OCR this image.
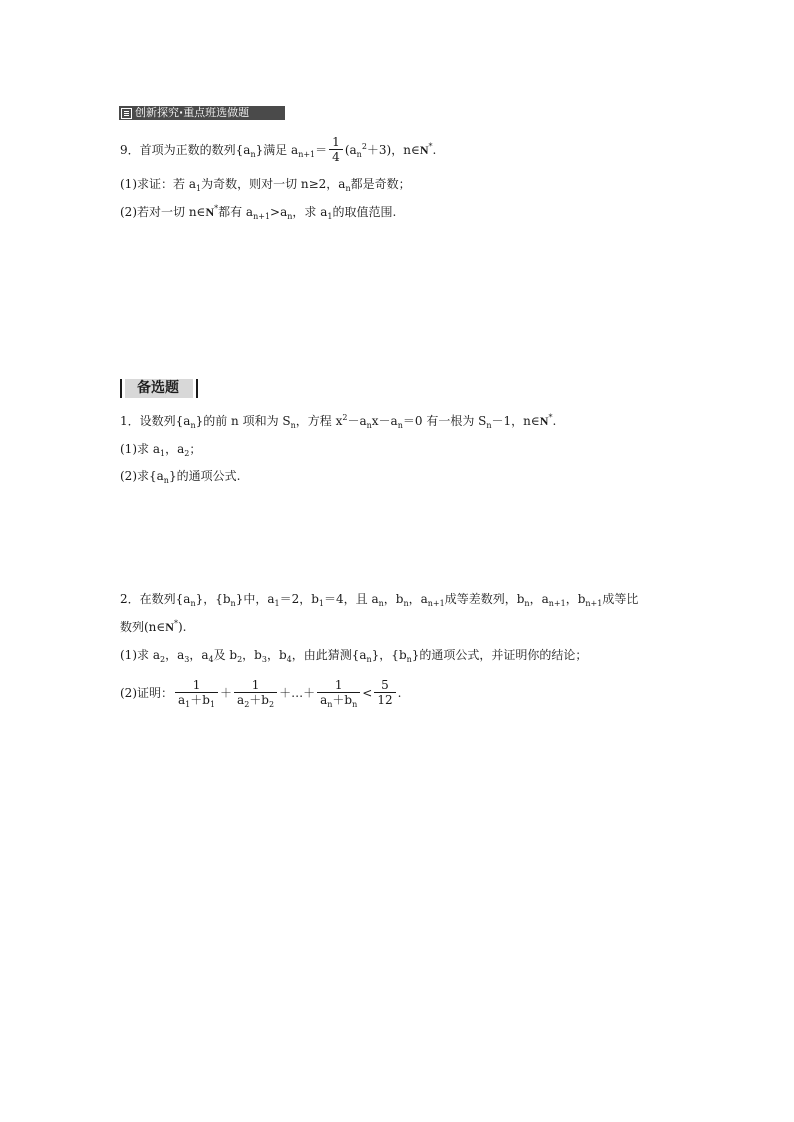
创新探究 · 重点班选做题
9．首项为正数的数列$\{a_n\}$满足 $a_{n+1}= \frac{1}{4} (a_n^2+3)$，n∈N*.
(1)求证：若 $a_1$为奇数，则对一切 n≥2，$a_n$都是奇数；
(2)若对一切 n∈N*都有 $a_{n+1}>a_n$，求 $a_1$的取值范围.
备选题
1．设数列$\{a_n\}$的前 n 项和为 $S_n$，方程 $x^2-a_nx-a_n=0$ 有一根为 $S_n-1$，n∈N*.
(1)求 $a_1$，$a_2$；
(2)求$\{a_n\}$的通项公式.
2．在数列$\{a_n\}$，$\{b_n\}$中，$a_1=2$，$b_1=4$，且 $a_n$，$b_n$，$a_{n+1}$成等差数列，$b_n$，$a_{n+1}$，$b_{n+1}$成等比
数列(n∈N*).
(1)求 $a_2$，$a_3$，$a_4$及 $b_2$，$b_3$，$b_4$，由此猜测$\{a_n\}$，$\{b_n\}$的通项公式，并证明你的结论；
(2)证明： $\frac{1}{a_1+b_1} + \frac{1}{a_2+b_2}$ ＋…＋ $\frac{1}{a_n+b_n} < \frac{5}{12}$ .
